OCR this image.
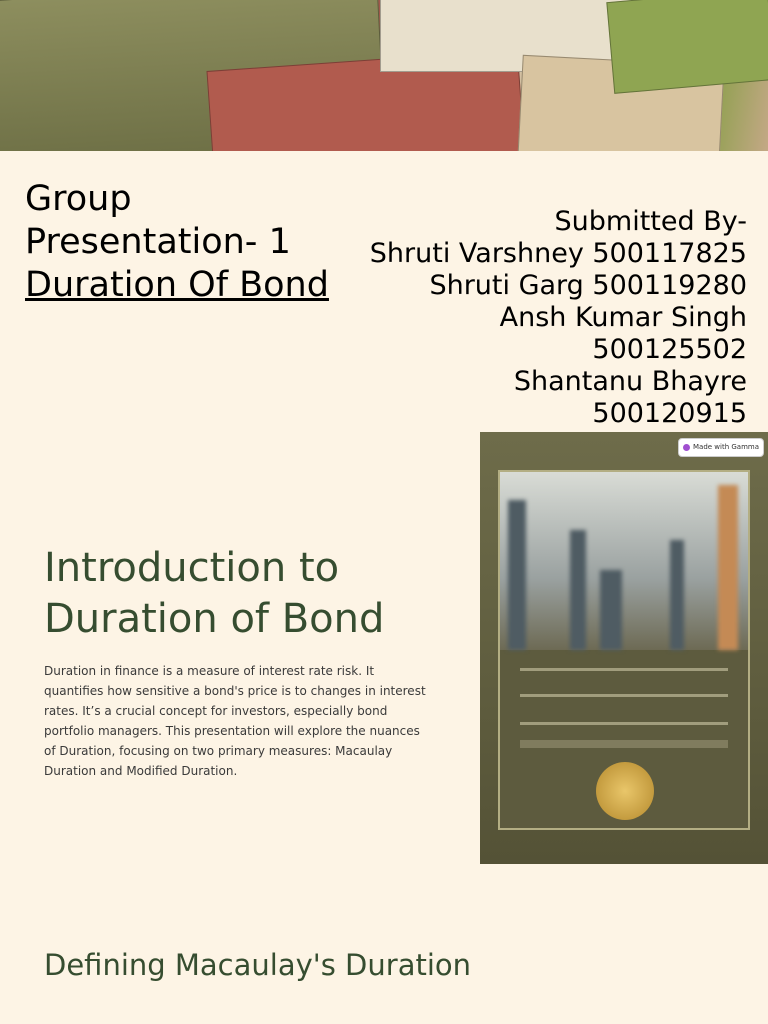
Group
Presentation- 1
Duration Of Bond
Submitted By-
Shruti Varshney 500117825
Shruti Garg 500119280
Ansh Kumar Singh
500125502
Shantanu Bhayre
500120915
Made with Gamma
Introduction to
Duration of Bond
Duration in finance is a measure of interest rate risk. It quantifies how sensitive a bond's price is to changes in interest rates. It’s a crucial concept for investors, especially bond portfolio managers. This presentation will explore the nuances of Duration, focusing on two primary measures: Macaulay Duration and Modified Duration.
Defining Macaulay's Duration
